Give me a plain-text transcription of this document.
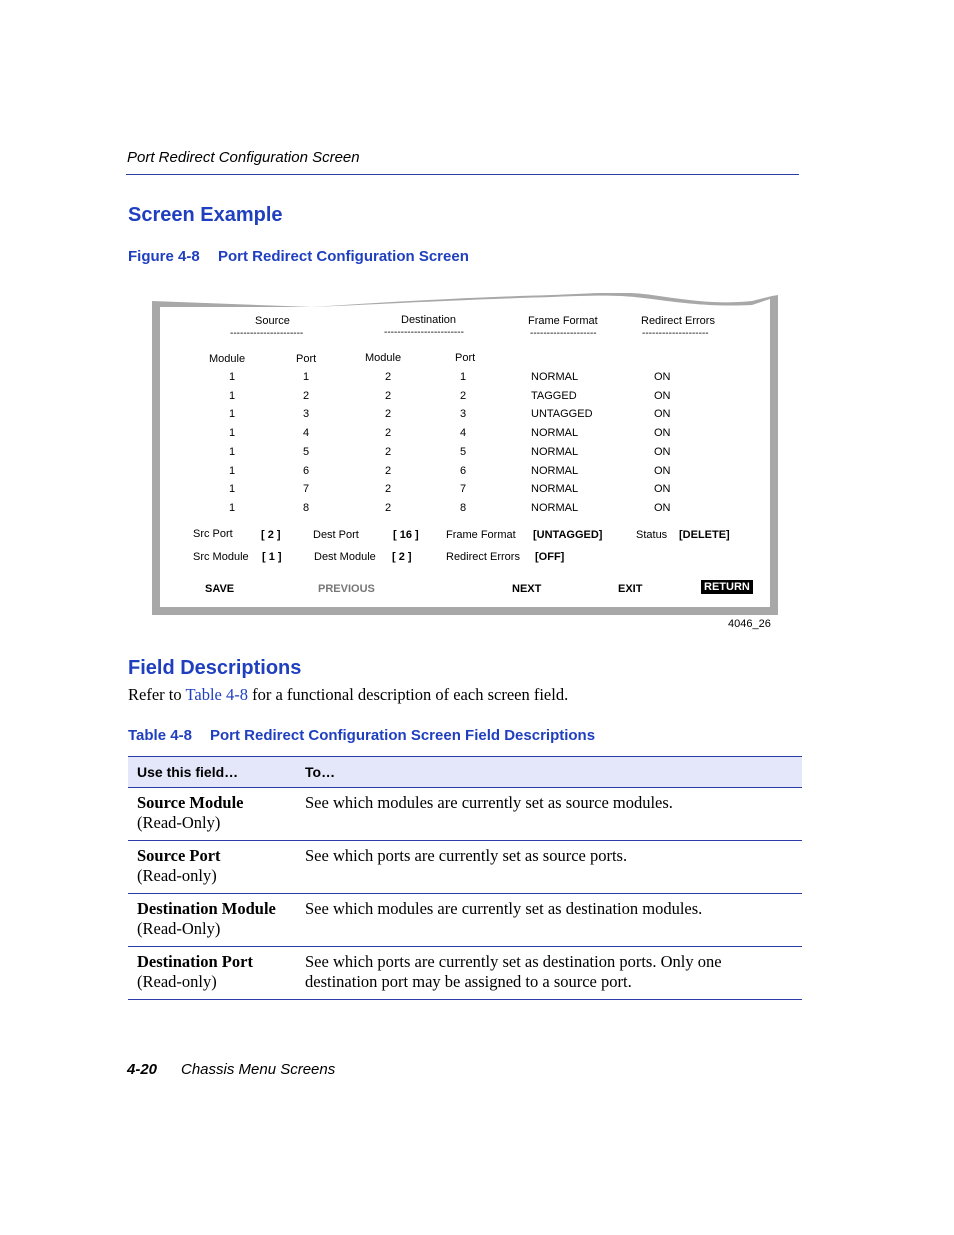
Port Redirect Configuration Screen
Screen Example
Figure 4-8 Port Redirect Configuration Screen
Source
----------------------
Destination
------------------------
Frame Format
--------------------
Redirect Errors
--------------------
Module	Port	Module	Port
1	1	2	1	NORMAL	ON
1	2	2	2	TAGGED	ON
1	3	2	3	UNTAGGED	ON
1	4	2	4	NORMAL	ON
1	5	2	5	NORMAL	ON
1	6	2	6	NORMAL	ON
1	7	2	7	NORMAL	ON
1	8	2	8	NORMAL	ON
Src Port	[ 2 ]	Dest Port	[ 16 ] Frame Format [UNTAGGED]	Status [DELETE]
Src Module [ 1 ]	Dest Module [ 2 ]	Redirect Errors [OFF]
SAVE	PREVIOUS	NEXT	EXIT	RETURN
4046_26
Field Descriptions
Refer to Table 4-8 for a functional description of each screen field.
Table 4-8 Port Redirect Configuration Screen Field Descriptions
Use this field…	To…

Source Module
(Read-Only)	See which modules are currently set as source modules.

Source Port
(Read-only)	See which ports are currently set as source ports.

Destination Module
(Read-Only)	See which modules are currently set as destination modules.

Destination Port
(Read-only)	See which ports are currently set as destination ports. Only one destination port may be assigned to a source port.
4-20 Chassis Menu Screens
